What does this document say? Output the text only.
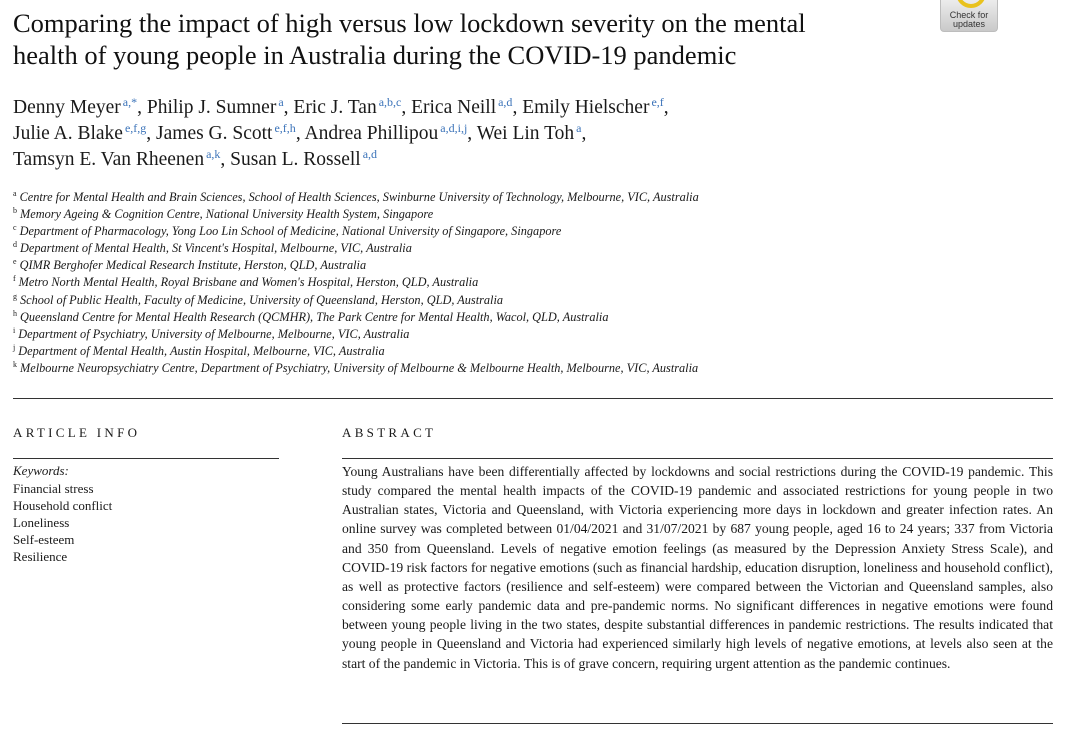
Comparing the impact of high versus low lockdown severity on the mental
health of young people in Australia during the COVID-19 pandemic
Check for
updates
Denny Meyer $^{a,*}$, Philip J. Sumner $^a$, Eric J. Tan $^{a,b,c}$, Erica Neill $^{a,d}$, Emily Hielscher $^{e,f}$,
Julie A. Blake $^{e,f,g}$, James G. Scott $^{e,f,h}$, Andrea Phillipou $^{a,d,i,j}$, Wei Lin Toh $^a$,
Tamsyn E. Van Rheenen $^{a,k}$, Susan L. Rossell $^{a,d}$
$^a$ Centre for Mental Health and Brain Sciences, School of Health Sciences, Swinburne University of Technology, Melbourne, VIC, Australia
$^b$ Memory Ageing & Cognition Centre, National University Health System, Singapore
$^c$ Department of Pharmacology, Yong Loo Lin School of Medicine, National University of Singapore, Singapore
$^d$ Department of Mental Health, St Vincent's Hospital, Melbourne, VIC, Australia
$^e$ QIMR Berghofer Medical Research Institute, Herston, QLD, Australia
$^f$ Metro North Mental Health, Royal Brisbane and Women's Hospital, Herston, QLD, Australia
$^g$ School of Public Health, Faculty of Medicine, University of Queensland, Herston, QLD, Australia
$^h$ Queensland Centre for Mental Health Research (QCMHR), The Park Centre for Mental Health, Wacol, QLD, Australia
$^i$ Department of Psychiatry, University of Melbourne, Melbourne, VIC, Australia
$^j$ Department of Mental Health, Austin Hospital, Melbourne, VIC, Australia
$^k$ Melbourne Neuropsychiatry Centre, Department of Psychiatry, University of Melbourne & Melbourne Health, Melbourne, VIC, Australia
ARTICLE INFO	ABSTRACT
Keywords:
Financial stress
Household conflict
Loneliness
Self-esteem
Resilience

Young Australians have been differentially affected by lockdowns and social restrictions during the COVID-19 pandemic. This study compared the mental health impacts of the COVID-19 pandemic and associated restrictions for young people in two Australian states, Victoria and Queensland, with Victoria experiencing more days in lockdown and greater infection rates. An online survey was completed between 01/04/2021 and 31/07/2021 by 687 young people, aged 16 to 24 years; 337 from Victoria and 350 from Queensland. Levels of negative emotion feelings (as measured by the Depression Anxiety Stress Scale), and COVID-19 risk factors for negative emotions (such as financial hardship, education disruption, loneliness and household conflict), as well as protective factors (resilience and self-esteem) were compared between the Victorian and Queensland samples, also considering some early pandemic data and pre-pandemic norms. No significant differences in negative emotions were found between young people living in the two states, despite substantial differences in pandemic restrictions. The results indicated that young people in Queensland and Victoria had experienced similarly high levels of negative emotions, at levels also seen at the start of the pandemic in Victoria. This is of grave concern, requiring urgent attention as the pandemic continues.
